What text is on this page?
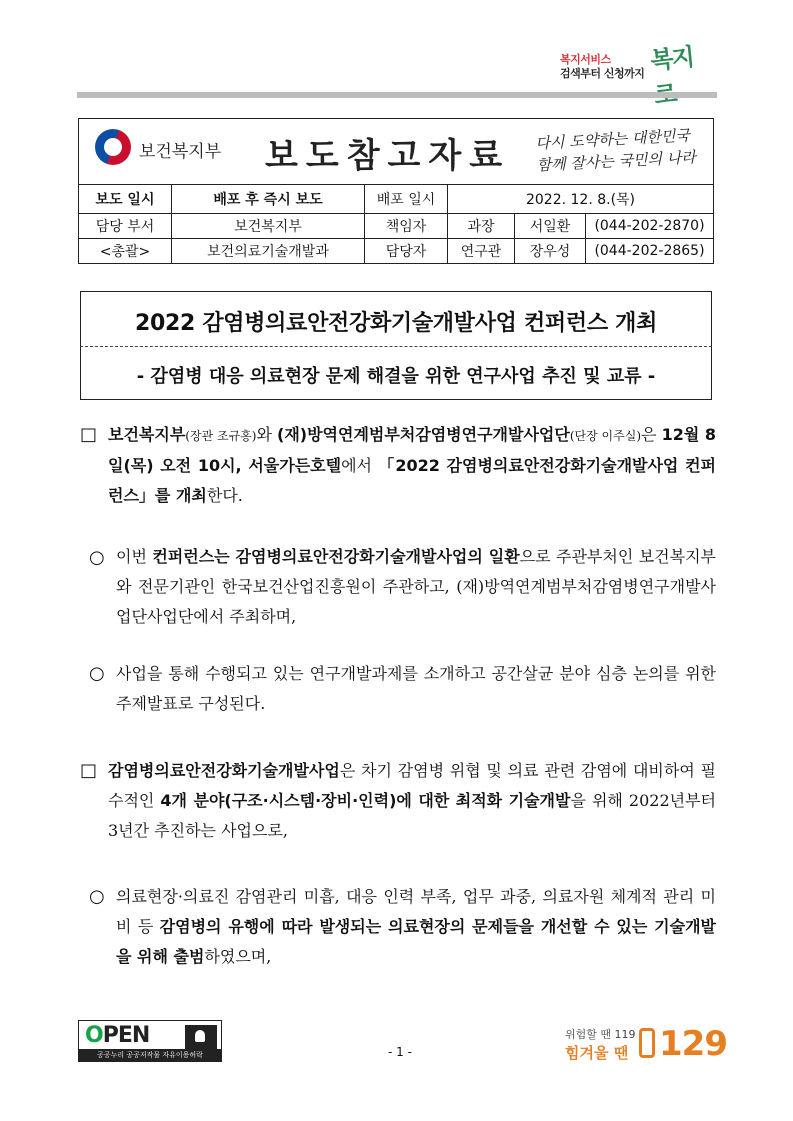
복지서비스
검색부터 신청까지 복지로
보건복지부 보도참고자료 다시 도약하는 대한민국 함께 잘사는 국민의 나라
보도 일시	배포 후 즉시 보도	배포 일시	2022. 12. 8.(목)		
담당 부서	보건복지부	책임자	과장	서일환	(044-202-2870)
<총괄>	보건의료기술개발과	담당자	연구관	장우성	(044-202-2865)
2022 감염병의료안전강화기술개발사업 컨퍼런스 개최
- 감염병 대응 의료현장 문제 해결을 위한 연구사업 추진 및 교류 -
□ 보건복지부(장관 조규홍)와 (재)방역연계범부처감염병연구개발사업단(단장 이주실)은 12월 8일(목) 오전 10시, 서울가든호텔에서 「2022 감염병의료안전강화기술개발사업 컨퍼런스」를 개최한다.
○ 이번 컨퍼런스는 감염병의료안전강화기술개발사업의 일환으로 주관부처인 보건복지부와 전문기관인 한국보건산업진흥원이 주관하고, (재)방역연계범부처감염병연구개발사업단사업단에서 주최하며,
○ 사업을 통해 수행되고 있는 연구개발과제를 소개하고 공간살균 분야 심층 논의를 위한 주제발표로 구성된다.
□ 감염병의료안전강화기술개발사업은 차기 감염병 위협 및 의료 관련 감염에 대비하여 필수적인 4개 분야(구조·시스템·장비·인력)에 대한 최적화 기술개발을 위해 2022년부터 3년간 추진하는 사업으로,
○ 의료현장·의료진 감염관리 미흡, 대응 인력 부족, 업무 과중, 의료자원 체계적 관리 미비 등 감염병의 유행에 따라 발생되는 의료현장의 문제들을 개선할 수 있는 기술개발을 위해 출범하였으며,
OPEN
공공누리 공공저작물 자유이용허락	- 1 -
위험할 땐 119
힘겨울 땐 129
